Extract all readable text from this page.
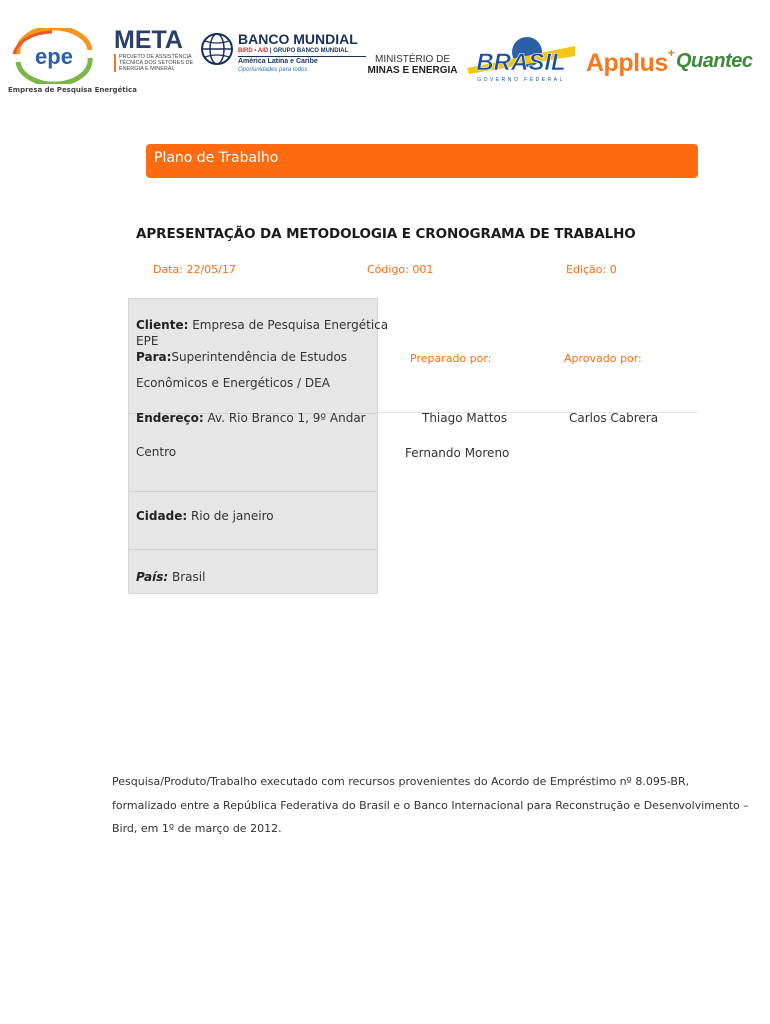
epe
Empresa de Pesquisa Energética
META
PROJETO DE ASSISTÊNCIA
TÉCNICA DOS SETORES DE
ENERGIA E MINERAL
BANCO MUNDIAL
BIRD • AID | GRUPO BANCO MUNDIAL
América Latina e Caribe
Oportunidades para todos
MINISTÉRIO DE
MINAS E ENERGIA BRASIL
GOVERNO FEDERAL
Applus+ Quantec
Plano de Trabalho
APRESENTAÇÃO DA METODOLOGIA E CRONOGRAMA DE TRABALHO
Data: 22/05/17	Código: 001	Edição: 0
Cliente: Empresa de Pesquisa Energética
EPE
Para:Superintendência de Estudos
Econômicos e Energéticos / DEA
Endereço: Av. Rio Branco 1, 9º Andar
Centro
Cidade: Rio de janeiro
País: Brasil
Preparado por:	Aprovado por:
Thiago Mattos	Carlos Cabrera
Fernando Moreno

Pesquisa/Produto/Trabalho executado com recursos provenientes do Acordo de Empréstimo nº 8.095-BR,

formalizado entre a República Federativa do Brasil e o Banco Internacional para Reconstrução e Desenvolvimento –

Bird, em 1º de março de 2012.
